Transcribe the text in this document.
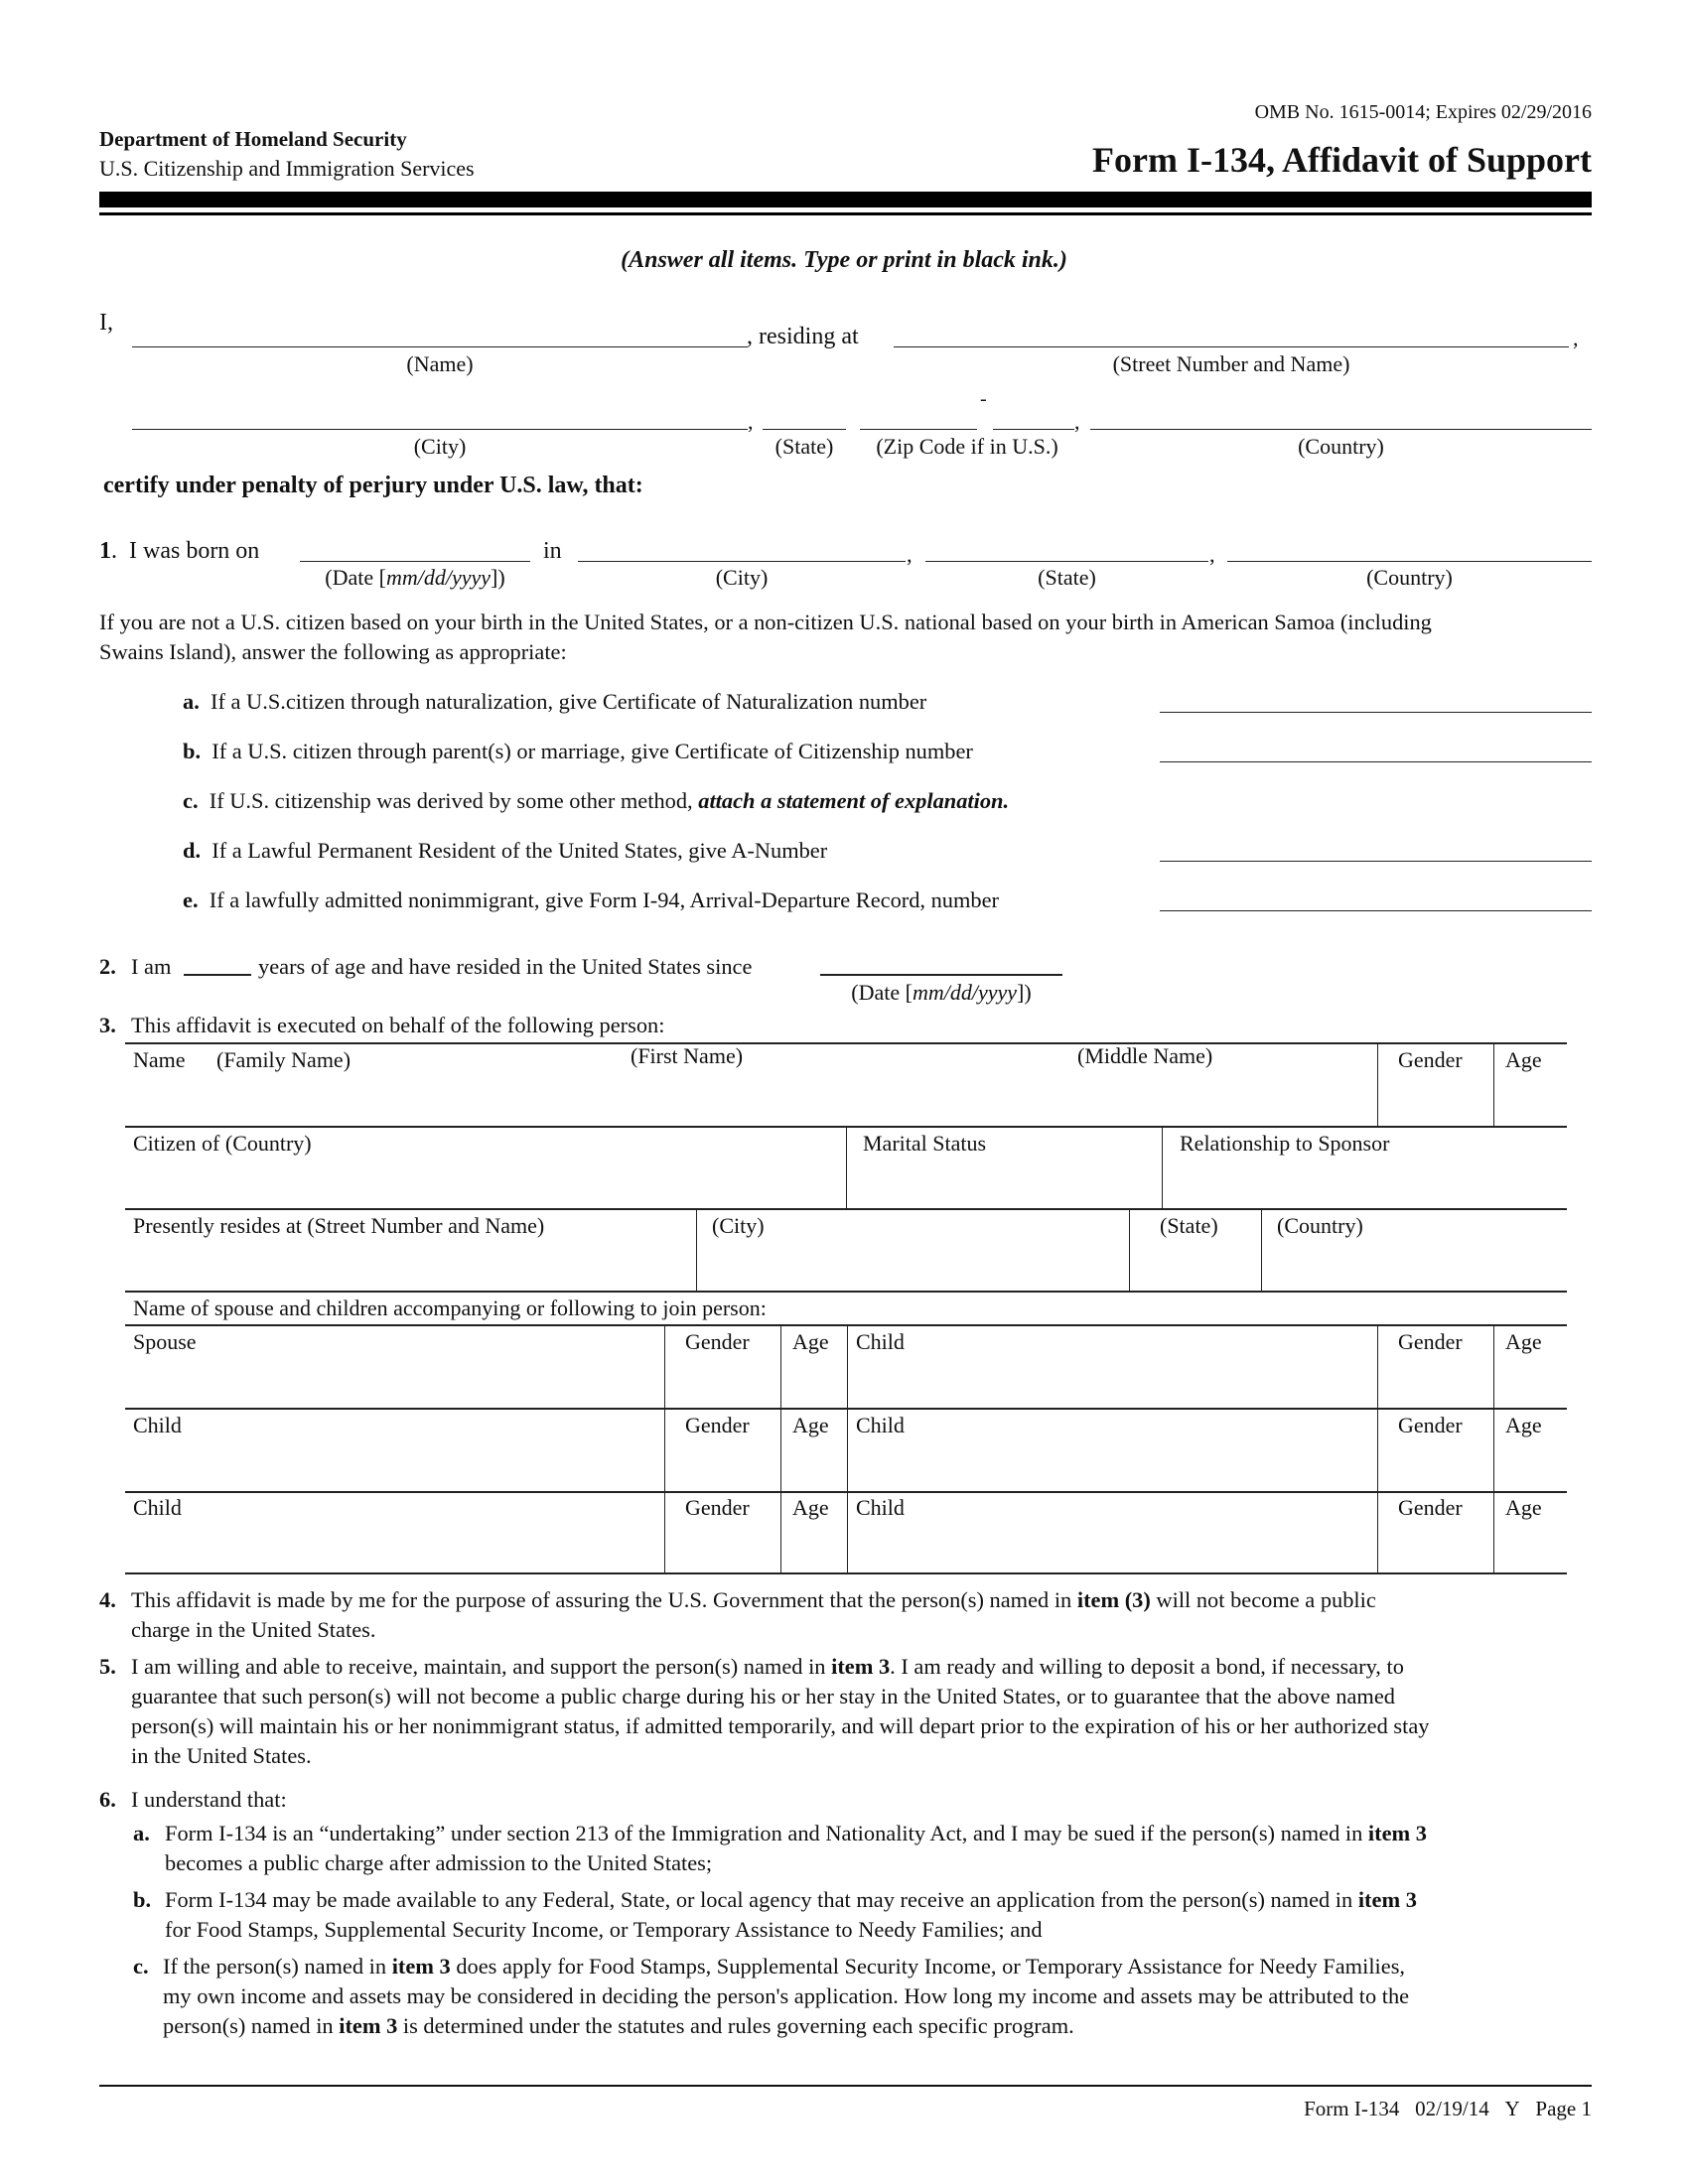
OMB No. 1615-0014; Expires 02/29/2016
Department of Homeland Security
U.S. Citizenship and Immigration Services	Form I-134, Affidavit of Support
(Answer all items. Type or print in black ink.)
I,
, residing at	,
(Name)	(Street Number and Name)
,
-
,
(City)	(State)	(Zip Code if in U.S.)	(Country)
certify under penalty of perjury under U.S. law, that:
1.  I was born on	in	,	,
(Date [mm/dd/yyyy])	(City)	(State)	(Country)
If you are not a U.S. citizen based on your birth in the United States, or a non-citizen U.S. national based on your birth in American Samoa (including
Swains Island), answer the following as appropriate:
a. If a U.S.citizen through naturalization, give Certificate of Naturalization number
b. If a U.S. citizen through parent(s) or marriage, give Certificate of Citizenship number
c. If U.S. citizenship was derived by some other method, attach a statement of explanation.
d. If a Lawful Permanent Resident of the United States, give A-Number
e. If a lawfully admitted nonimmigrant, give Form I-94, Arrival-Departure Record, number
2. I am	years of age and have resided in the United States since
(Date [mm/dd/yyyy])
3. This affidavit is executed on behalf of the following person:
Name (Family Name)	(First Name)	(Middle Name)	Gender Age
Citizen of (Country)	Marital Status	Relationship to Sponsor
Presently resides at (Street Number and Name)	(City)	(State)	(Country)
Name of spouse and children accompanying or following to join person:
Spouse	Gender Age Child	Gender Age
Child	Gender Age Child	Gender Age
Child	Gender Age Child	Gender Age
4. This affidavit is made by me for the purpose of assuring the U.S. Government that the person(s) named in item (3) will not become a public
charge in the United States.
5. I am willing and able to receive, maintain, and support the person(s) named in item 3. I am ready and willing to deposit a bond, if necessary, to
guarantee that such person(s) will not become a public charge during his or her stay in the United States, or to guarantee that the above named
person(s) will maintain his or her nonimmigrant status, if admitted temporarily, and will depart prior to the expiration of his or her authorized stay
in the United States.
6. I understand that:
a. Form I-134 is an “undertaking” under section 213 of the Immigration and Nationality Act, and I may be sued if the person(s) named in item 3
becomes a public charge after admission to the United States;
b. Form I-134 may be made available to any Federal, State, or local agency that may receive an application from the person(s) named in item 3
for Food Stamps, Supplemental Security Income, or Temporary Assistance to Needy Families; and
c. If the person(s) named in item 3 does apply for Food Stamps, Supplemental Security Income, or Temporary Assistance for Needy Families,
my own income and assets may be considered in deciding the person's application. How long my income and assets may be attributed to the
person(s) named in item 3 is determined under the statutes and rules governing each specific program.
Form I-134 02/19/14 Y Page 1
